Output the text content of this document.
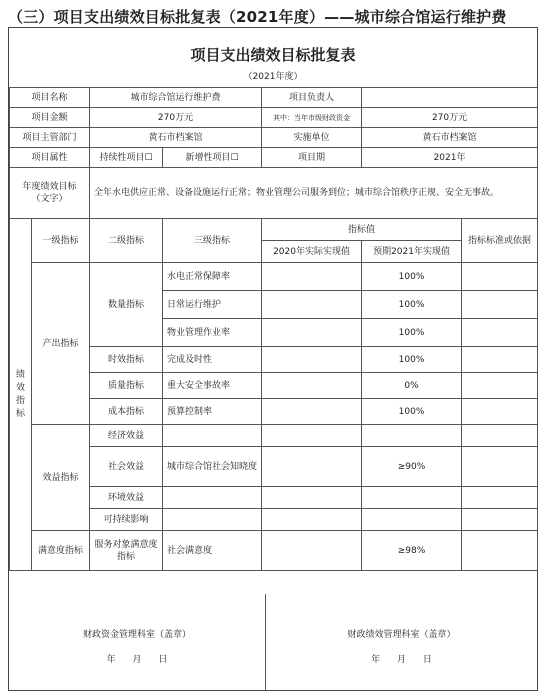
（三）项目支出绩效目标批复表（2021年度）——城市综合馆运行维护费
项目支出绩效目标批复表
（2021年度）
项目名称		城市综合馆运行维护费		项目负责人		
项目金额		270万元		其中：当年市级财政资金	270万元	
项目主管部门		黄石市档案馆		实施单位	黄石市档案馆	
项目属性		持续性项目☐	新增性项目☐	项目期	2021年	

年度绩效目标
（文字）		全年水电供应正常、设备设施运行正常；物业管理公司服务到位；城市综合馆秩序正规、安全无事故。				

绩效指标	一级指标	二级指标	三级指标	指标值		指标标准或依据
				2020年实际实现值	预期2021年实现值	
	产出指标	数量指标	水电正常保障率		100%	
			日常运行维护		100%	
			物业管理作业率		100%	
		时效指标	完成及时性		100%	
		质量指标	重大安全事故率		0%	
		成本指标	预算控制率		100%	
	效益指标	经济效益				
		社会效益	城市综合馆社会知晓度		≥90%	
		环境效益				
		可持续影响				
	满意度指标	服务对象满意度指标	社会满意度		≥98%	
财政资金管理科室（盖章）
年 月 日
财政绩效管理科室（盖章）
年 月 日
